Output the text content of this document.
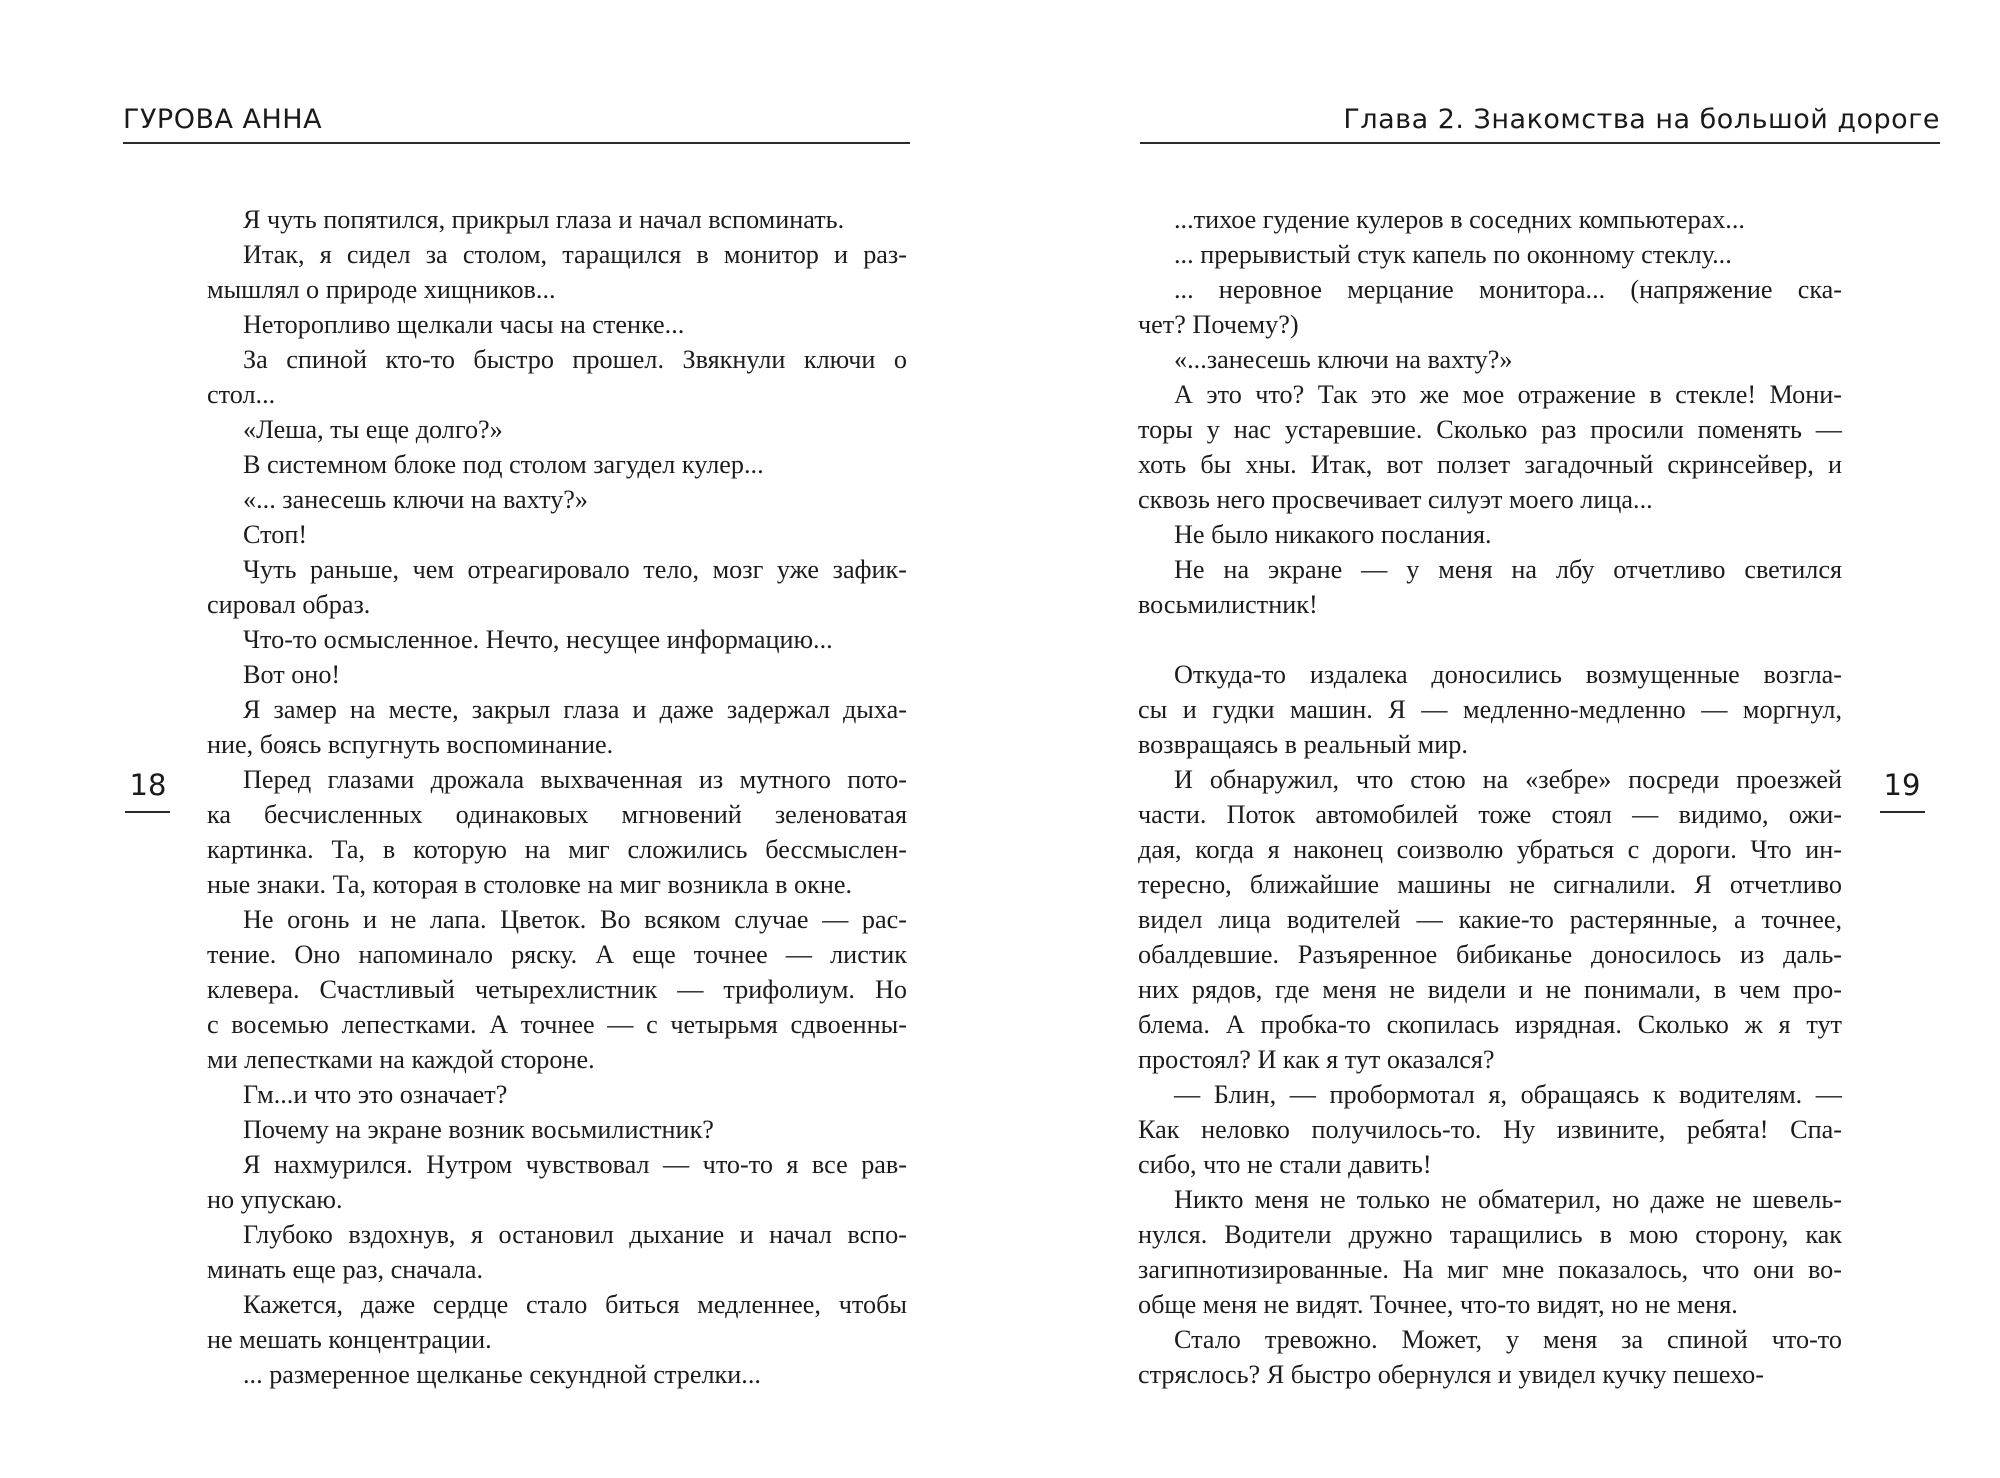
ГУРОВА АННА
18

Я чуть попятился, прикрыл глаза и начал вспоминать.

Итак, я сидел за столом, таращился в монитор и раз-
мышлял о природе хищников...

Неторопливо щелкали часы на стенке...

За спиной кто-то быстро прошел. Звякнули ключи о
стол...

«Леша, ты еще долго?»

В системном блоке под столом загудел кулер...

«... занесешь ключи на вахту?»

Стоп!

Чуть раньше, чем отреагировало тело, мозг уже зафик-
сировал образ.

Что-то осмысленное. Нечто, несущее информацию...

Вот оно!

Я замер на месте, закрыл глаза и даже задержал дыха-
ние, боясь вспугнуть воспоминание.

Перед глазами дрожала выхваченная из мутного пото-
ка бесчисленных одинаковых мгновений зеленоватая
картинка. Та, в которую на миг сложились бессмыслен-
ные знаки. Та, которая в столовке на миг возникла в окне.

Не огонь и не лапа. Цветок. Во всяком случае — рас-
тение. Оно напоминало ряску. А еще точнее — листик
клевера. Счастливый четырехлистник — трифолиум. Но
с восемью лепестками. А точнее — с четырьмя сдвоенны-
ми лепестками на каждой стороне.

Гм...и что это означает?

Почему на экране возник восьмилистник?

Я нахмурился. Нутром чувствовал — что-то я все рав-
но упускаю.

Глубоко вздохнув, я остановил дыхание и начал вспо-
минать еще раз, сначала.

Кажется, даже сердце стало биться медленнее, чтобы
не мешать концентрации.

... размеренное щелканье секундной стрелки...

Глава 2. Знакомства на большой дороге
19

...тихое гудение кулеров в соседних компьютерах...

... прерывистый стук капель по оконному стеклу...

... неровное мерцание монитора... (напряжение ска-
чет? Почему?)

«...занесешь ключи на вахту?»

А это что? Так это же мое отражение в стекле! Мони-
торы у нас устаревшие. Сколько раз просили поменять —
хоть бы хны. Итак, вот ползет загадочный скринсейвер, и
сквозь него просвечивает силуэт моего лица...

Не было никакого послания.

Не на экране — у меня на лбу отчетливо светился
восьмилистник!

Откуда-то издалека доносились возмущенные возгла-
сы и гудки машин. Я — медленно-медленно — моргнул,
возвращаясь в реальный мир.

И обнаружил, что стою на «зебре» посреди проезжей
части. Поток автомобилей тоже стоял — видимо, ожи-
дая, когда я наконец соизволю убраться с дороги. Что ин-
тересно, ближайшие машины не сигналили. Я отчетливо
видел лица водителей — какие-то растерянные, а точнее,
обалдевшие. Разъяренное бибиканье доносилось из даль-
них рядов, где меня не видели и не понимали, в чем про-
блема. А пробка-то скопилась изрядная. Сколько ж я тут
простоял? И как я тут оказался?

— Блин, — пробормотал я, обращаясь к водителям. —
Как неловко получилось-то. Ну извините, ребята! Спа-
сибо, что не стали давить!

Никто меня не только не обматерил, но даже не шевель-
нулся. Водители дружно таращились в мою сторону, как
загипнотизированные. На миг мне показалось, что они во-
обще меня не видят. Точнее, что-то видят, но не меня.

Стало тревожно. Может, у меня за спиной что-то
стряслось? Я быстро обернулся и увидел кучку пешехо-
